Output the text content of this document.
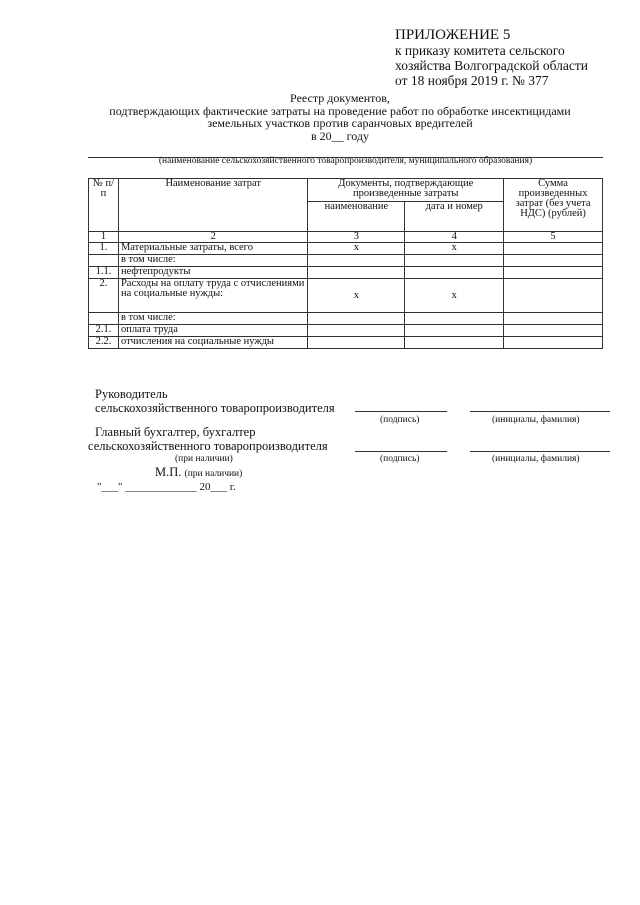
ПРИЛОЖЕНИЕ 5
к приказу комитета сельского
хозяйства Волгоградской области
от 18 ноября 2019 г. № 377
Реестр документов,
подтверждающих фактические затраты на проведение работ по обработке инсектицидами
земельных участков против саранчовых вредителей
в 20__ году
(наименование сельскохозяйственного товаропроизводителя, муниципального образования)
№ п/п	Наименование затрат	Документы, подтверждающие произведенные затраты		Сумма произведенных затрат (без учета НДС) (рублей)
		наименование	дата и номер	
1	2	3	4	5
1.	Материальные затраты, всего	x	x	
	в том числе:			
1.1.	нефтепродукты			
2.	Расходы на оплату труда с отчислениями на социальные нужды:	x	x	
	в том числе:			
2.1.	оплата труда			
2.2.	отчисления на социальные нужды			
Руководитель
сельскохозяйственного товаропроизводителя
(подпись)	(инициалы, фамилия)
Главный бухгалтер, бухгалтер
сельскохозяйственного товаропроизводителя
(при наличии)	(подпись)	(инициалы, фамилия)
М.П. (при наличии)
"___" _____________ 20___ г.
